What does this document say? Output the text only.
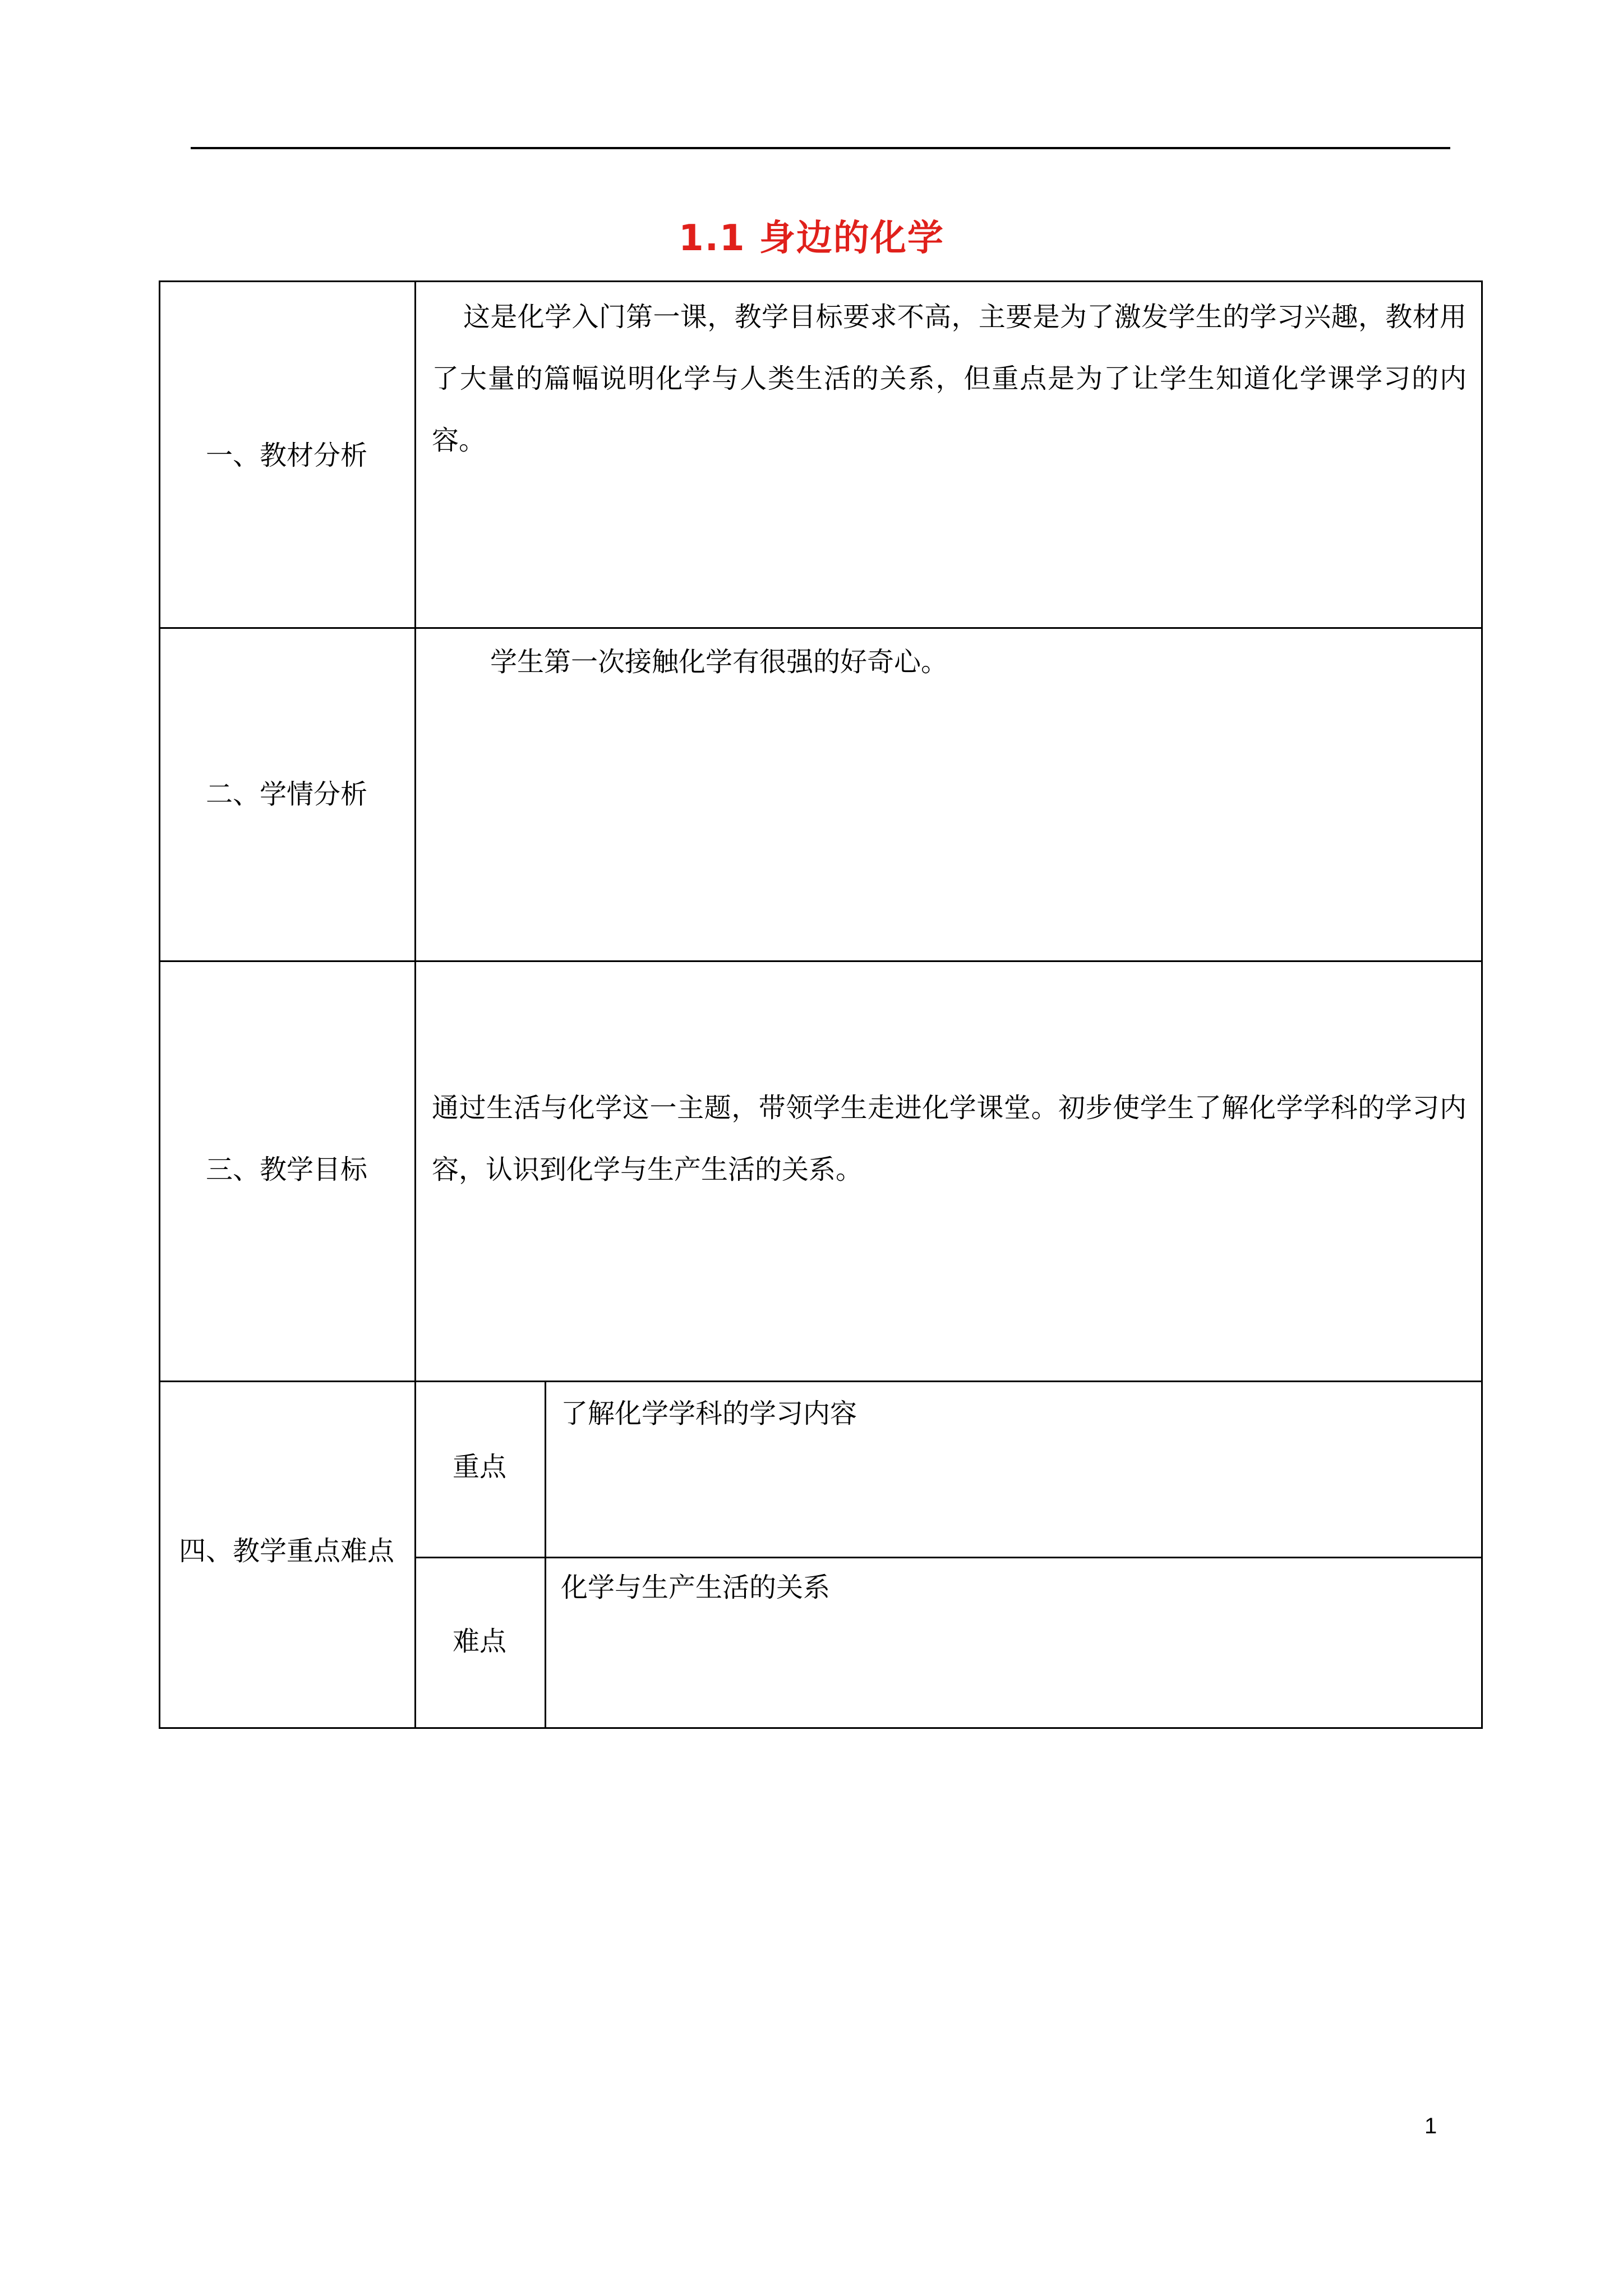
1.1 身边的化学
一、教材分析
这是化学入门第一课，教学目标要求不高，主要是为了激发学生的学习兴趣，教材用了大量的篇幅说明化学与人类生活的关系，但重点是为了让学生知道化学课学习的内容。
二、学情分析
学生第一次接触化学有很强的好奇心。
三、教学目标
通过生活与化学这一主题，带领学生走进化学课堂。初步使学生了解化学学科的学习内容，认识到化学与生产生活的关系。
四、教学重点难点
重点
了解化学学科的学习内容
难点
化学与生产生活的关系
1
